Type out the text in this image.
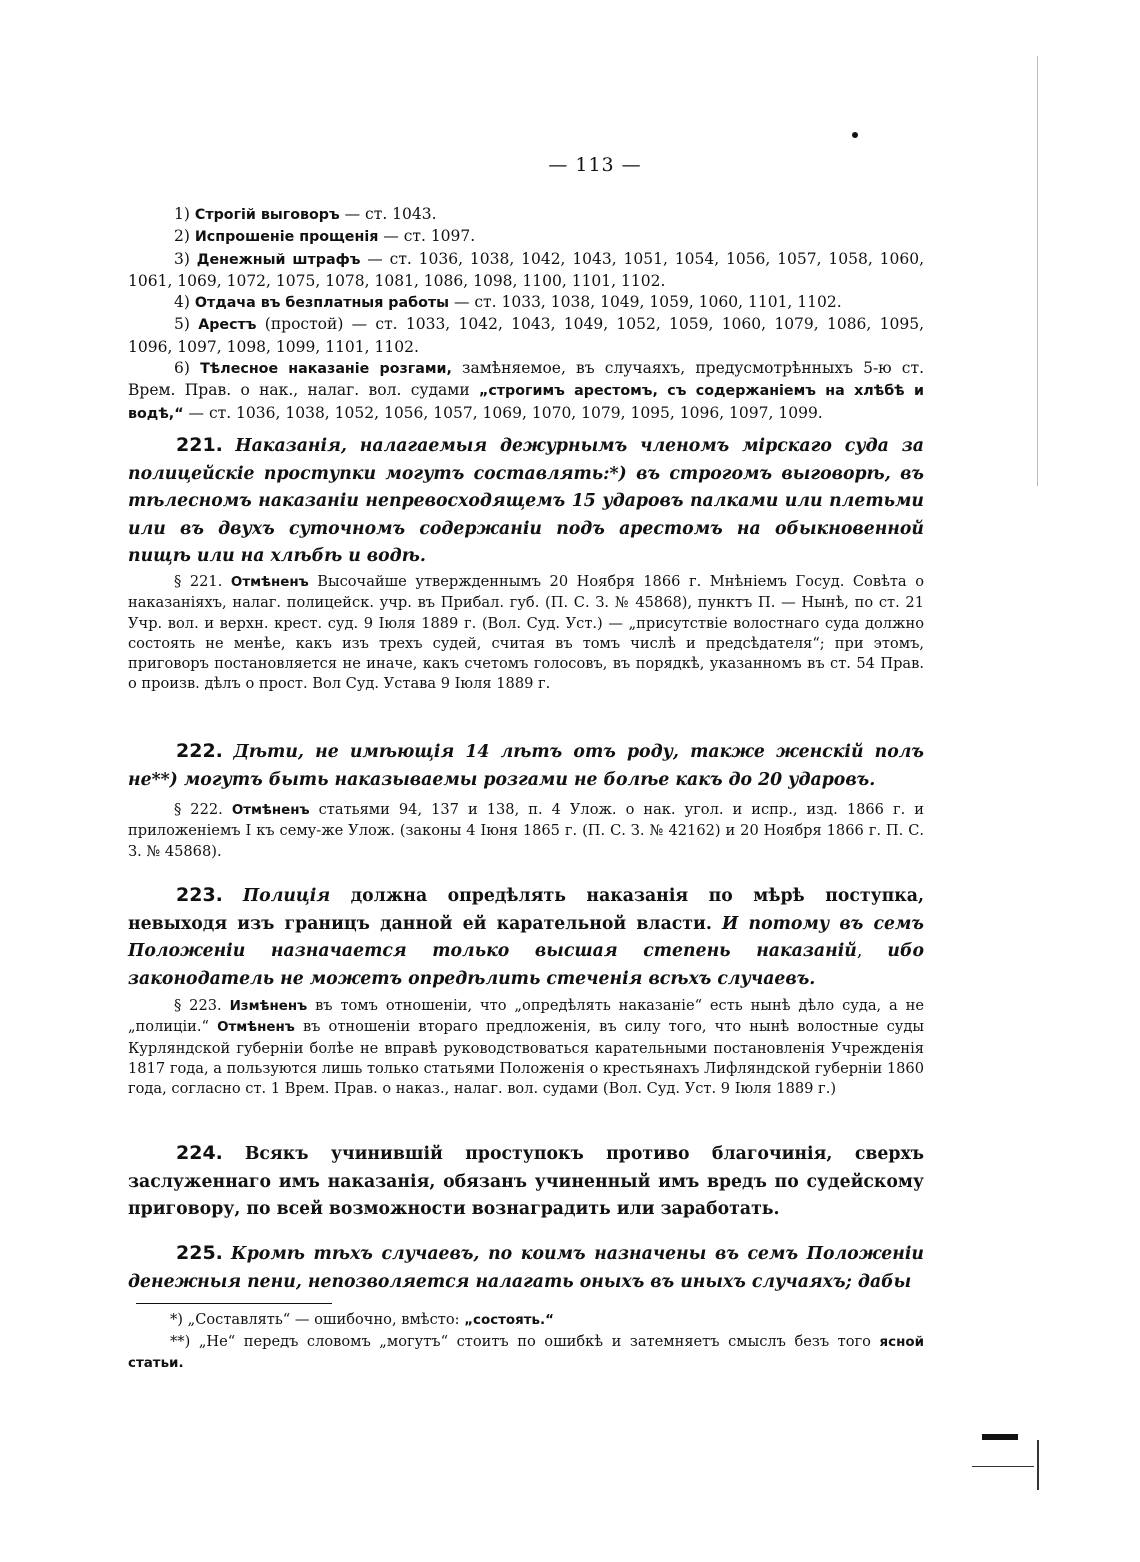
— 113 —

1) Строгій выговоръ — ст. 1043.

2) Испрошеніе прощенія — ст. 1097.

3) Денежный штрафъ — ст. 1036, 1038, 1042, 1043, 1051, 1054, 1056, 1057, 1058, 1060, 1061, 1069, 1072, 1075, 1078, 1081, 1086, 1098, 1100, 1101, 1102.

4) Отдача въ безплатныя работы — ст. 1033, 1038, 1049, 1059, 1060, 1101, 1102.

5) Арестъ (простой) — ст. 1033, 1042, 1043, 1049, 1052, 1059, 1060, 1079, 1086, 1095, 1096, 1097, 1098, 1099, 1101, 1102.

6) Тѣлесное наказаніе розгами, замѣняемое, въ случаяхъ, предусмотрѣнныхъ 5-ю ст. Врем. Прав. о нак., налаг. вол. судами „строгимъ арестомъ, съ содержаніемъ на хлѣбѣ и водѣ,“ — ст. 1036, 1038, 1052, 1056, 1057, 1069, 1070, 1079, 1095, 1096, 1097, 1099.

221. Наказанія, налагаемыя дежурнымъ членомъ мірскаго суда за полицейскіе проступки могутъ составлять:*) въ строгомъ выговорѣ, въ тѣлесномъ наказаніи непревосходящемъ 15 ударовъ палками или плетьми или въ двухъ суточномъ содержаніи подъ арестомъ на обыкновенной пищѣ или на хлѣбѣ и водѣ.

§ 221. Отмѣненъ Высочайше утвержденнымъ 20 Ноября 1866 г. Мнѣніемъ Госуд. Совѣта о наказаніяхъ, налаг. полицейск. учр. въ Прибал. губ. (П. С. З. № 45868), пунктъ П. — Нынѣ, по ст. 21 Учр. вол. и верхн. крест. суд. 9 Іюля 1889 г. (Вол. Суд. Уст.) — „присутствіе волостнаго суда должно состоять не менѣе, какъ изъ трехъ судей, считая въ томъ числѣ и предсѣдателя“; при этомъ, приговоръ постановляется не иначе, какъ счетомъ голосовъ, въ порядкѣ, указанномъ въ ст. 54 Прав. о произв. дѣлъ о прост. Вол Суд. Устава 9 Іюля 1889 г.

222. Дѣти, не имѣющія 14 лѣтъ отъ роду, также женскій полъ не**) могутъ быть наказываемы розгами не болѣе какъ до 20 ударовъ.

§ 222. Отмѣненъ статьями 94, 137 и 138, п. 4 Улож. о нак. угол. и испр., изд. 1866 г. и приложеніемъ I къ сему-же Улож. (законы 4 Іюня 1865 г. (П. С. З. № 42162) и 20 Ноября 1866 г. П. С. З. № 45868).

223. Полиція должна опредѣлять наказанія по мѣрѣ поступка, невыходя изъ границъ данной ей карательной власти. И потому въ семъ Положеніи назначается только высшая степень наказаній, ибо законодатель не можетъ опредѣлить стеченія всѣхъ случаевъ.

§ 223. Измѣненъ въ томъ отношеніи, что „опредѣлять наказаніе“ есть нынѣ дѣло суда, а не „полиціи.“ Отмѣненъ въ отношеніи втораго предложенія, въ силу того, что нынѣ волостные суды Курляндской губерніи болѣе не вправѣ руководствоваться карательными постановленія Учрежденія 1817 года, а пользуются лишь только статьями Положенія о крестьянахъ Лифляндской губерніи 1860 года, согласно ст. 1 Врем. Прав. о наказ., налаг. вол. судами (Вол. Суд. Уст. 9 Іюля 1889 г.)

224. Всякъ учинившій проступокъ противо благочинія, сверхъ заслуженнаго имъ наказанія, обязанъ учиненный имъ вредъ по судейскому приговору, по всей возможности вознаградить или заработать.

225. Кромѣ тѣхъ случаевъ, по коимъ назначены въ семъ Положеніи денежныя пени, непозволяется налагать оныхъ въ иныхъ случаяхъ; дабы

*) „Составлять“ — ошибочно, вмѣсто: „состоять.“

**) „Не“ передъ словомъ „могутъ“ стоитъ по ошибкѣ и затемняетъ смыслъ безъ того ясной статьи.
